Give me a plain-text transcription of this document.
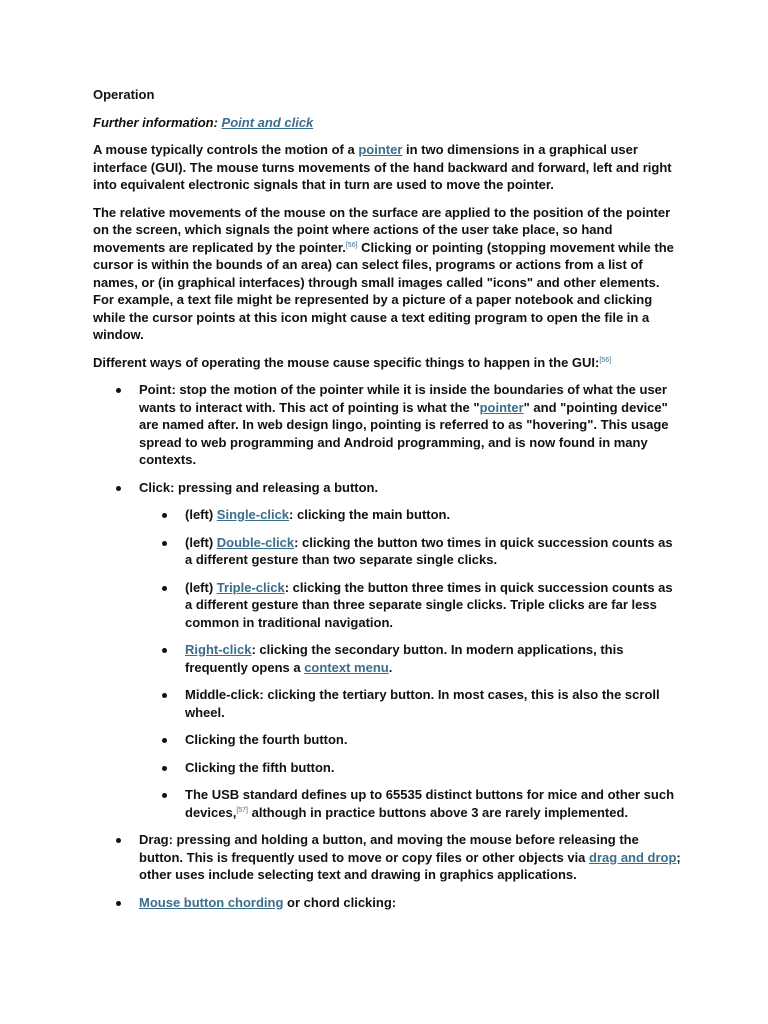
Operation

Further information: Point and click

A mouse typically controls the motion of a pointer in two dimensions in a graphical user interface (GUI). The mouse turns movements of the hand backward and forward, left and right into equivalent electronic signals that in turn are used to move the pointer.

The relative movements of the mouse on the surface are applied to the position of the pointer on the screen, which signals the point where actions of the user take place, so hand movements are replicated by the pointer.[56] Clicking or pointing (stopping movement while the cursor is within the bounds of an area) can select files, programs or actions from a list of names, or (in graphical interfaces) through small images called "icons" and other elements. For example, a text file might be represented by a picture of a paper notebook and clicking while the cursor points at this icon might cause a text editing program to open the file in a window.

Different ways of operating the mouse cause specific things to happen in the GUI:[56]

Point: stop the motion of the pointer while it is inside the boundaries of what the user wants to interact with. This act of pointing is what the "pointer" and "pointing device" are named after. In web design lingo, pointing is referred to as "hovering". This usage spread to web programming and Android programming, and is now found in many contexts.
Click: pressing and releasing a button.
(left) Single-click: clicking the main button.
(left) Double-click: clicking the button two times in quick succession counts as a different gesture than two separate single clicks.
(left) Triple-click: clicking the button three times in quick succession counts as a different gesture than three separate single clicks. Triple clicks are far less common in traditional navigation.
Right-click: clicking the secondary button. In modern applications, this frequently opens a context menu.
Middle-click: clicking the tertiary button. In most cases, this is also the scroll wheel.
Clicking the fourth button.
Clicking the fifth button.
The USB standard defines up to 65535 distinct buttons for mice and other such devices,[57] although in practice buttons above 3 are rarely implemented.
Drag: pressing and holding a button, and moving the mouse before releasing the button. This is frequently used to move or copy files or other objects via drag and drop; other uses include selecting text and drawing in graphics applications.
Mouse button chording or chord clicking:
